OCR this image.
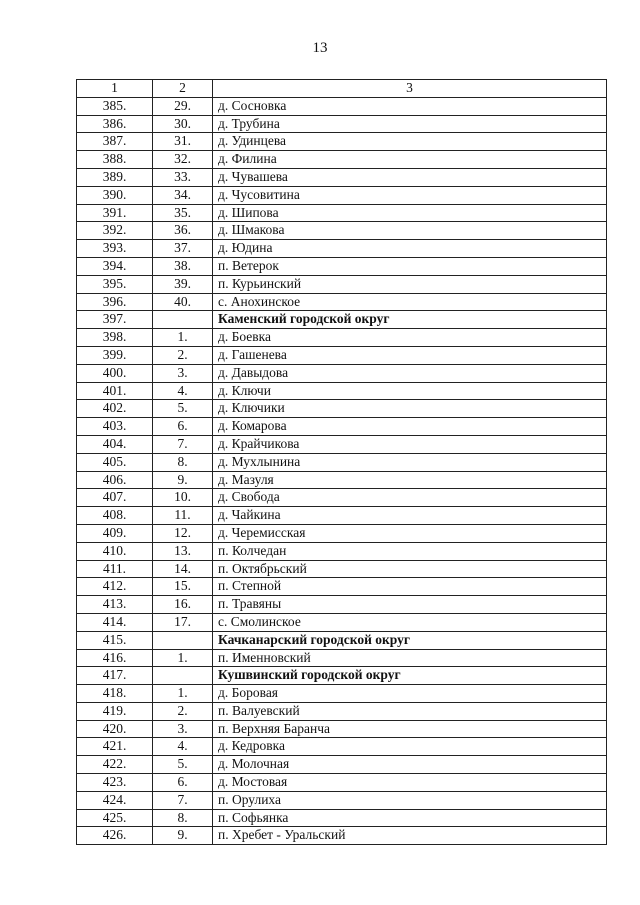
13
1	2	3
385.	29.	д. Сосновка
386.	30.	д. Трубина
387.	31.	д. Удинцева
388.	32.	д. Филина
389.	33.	д. Чувашева
390.	34.	д. Чусовитина
391.	35.	д. Шипова
392.	36.	д. Шмакова
393.	37.	д. Юдина
394.	38.	п. Ветерок
395.	39.	п. Курьинский
396.	40.	с. Анохинское
397.		Каменский городской округ
398.	1.	д. Боевка
399.	2.	д. Гашенева
400.	3.	д. Давыдова
401.	4.	д. Ключи
402.	5.	д. Ключики
403.	6.	д. Комарова
404.	7.	д. Крайчикова
405.	8.	д. Мухлынина
406.	9.	д. Мазуля
407.	10.	д. Свобода
408.	11.	д. Чайкина
409.	12.	д. Черемисская
410.	13.	п. Колчедан
411.	14.	п. Октябрьский
412.	15.	п. Степной
413.	16.	п. Травяны
414.	17.	с. Смолинское
415.		Качканарский городской округ
416.	1.	п. Именновский
417.		Кушвинский городской округ
418.	1.	д. Боровая
419.	2.	п. Валуевский
420.	3.	п. Верхняя Баранча
421.	4.	д. Кедровка
422.	5.	д. Молочная
423.	6.	д. Мостовая
424.	7.	п. Орулиха
425.	8.	п. Софьянка
426.	9.	п. Хребет - Уральский
